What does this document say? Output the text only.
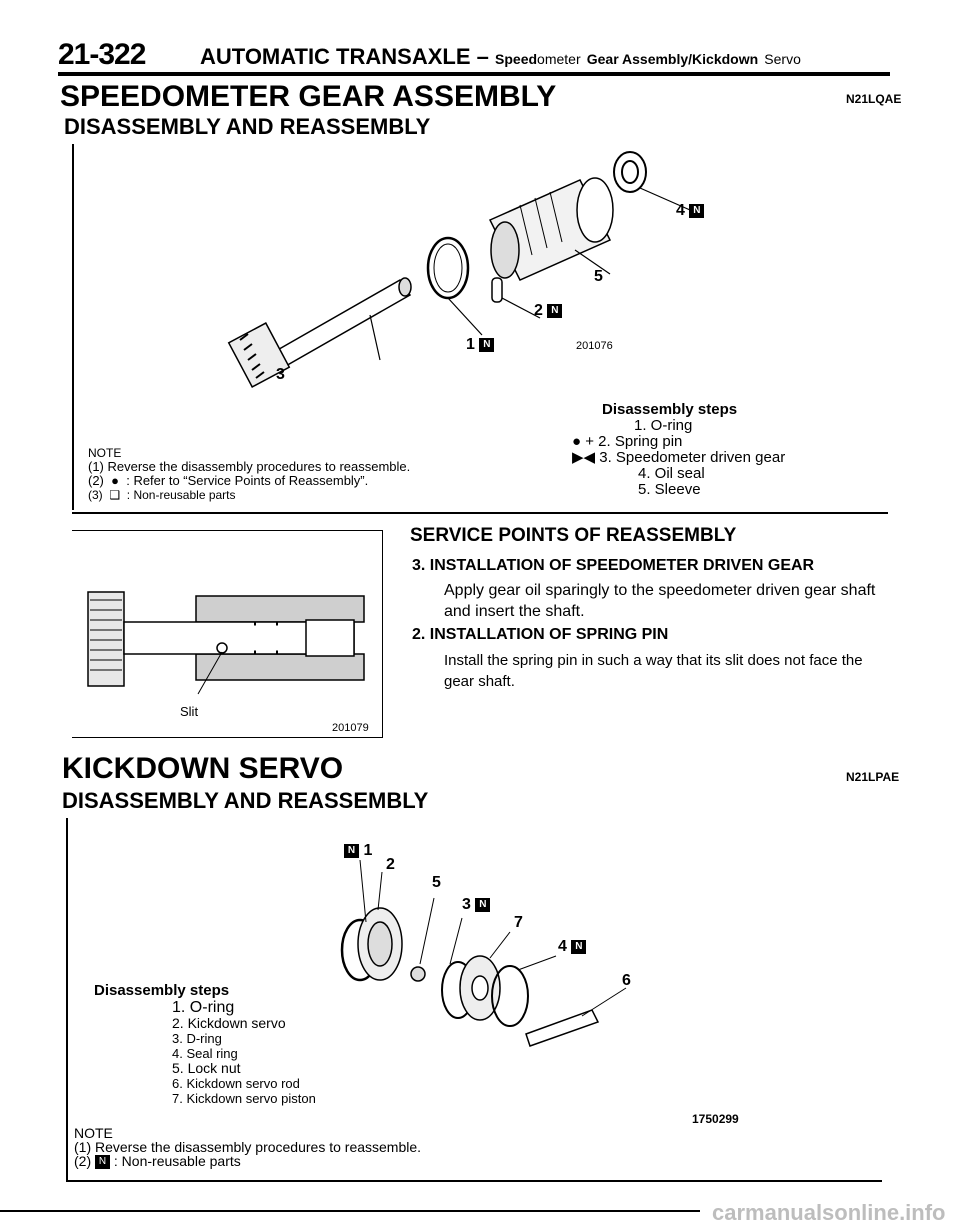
21-322 AUTOMATIC TRANSAXLE – Speedometer Gear Assembly/Kickdown Servo
SPEEDOMETER GEAR ASSEMBLY	N21LQAE
DISASSEMBLY AND REASSEMBLY
3
1 N
2 N
5
4 N
201076
NOTE
(1) Reverse the disassembly procedures to reassemble.
(2) ● : Refer to “Service Points of Reassembly”.
(3) ❑ : Non-reusable parts
Disassembly steps
1. O-ring
● + 2. Spring pin
▶◀ 3. Speedometer driven gear
4. Oil seal
5. Sleeve
Slit
201079
SERVICE POINTS OF REASSEMBLY
3. INSTALLATION OF SPEEDOMETER DRIVEN GEAR
Apply gear oil sparingly to the speedometer driven gear shaft and insert the shaft.
2. INSTALLATION OF SPRING PIN
Install the spring pin in such a way that its slit does not face the gear shaft.
KICKDOWN SERVO	N21LPAE
DISASSEMBLY AND REASSEMBLY
N 1
2
5
3 N
7
4 N
6
Disassembly steps
1. O-ring
2. Kickdown servo
3. D-ring
4. Seal ring
5. Lock nut
6. Kickdown servo rod
7. Kickdown servo piston
1750299
NOTE
(1) Reverse the disassembly procedures to reassemble.
(2) N : Non-reusable parts
carmanualsonline.info
